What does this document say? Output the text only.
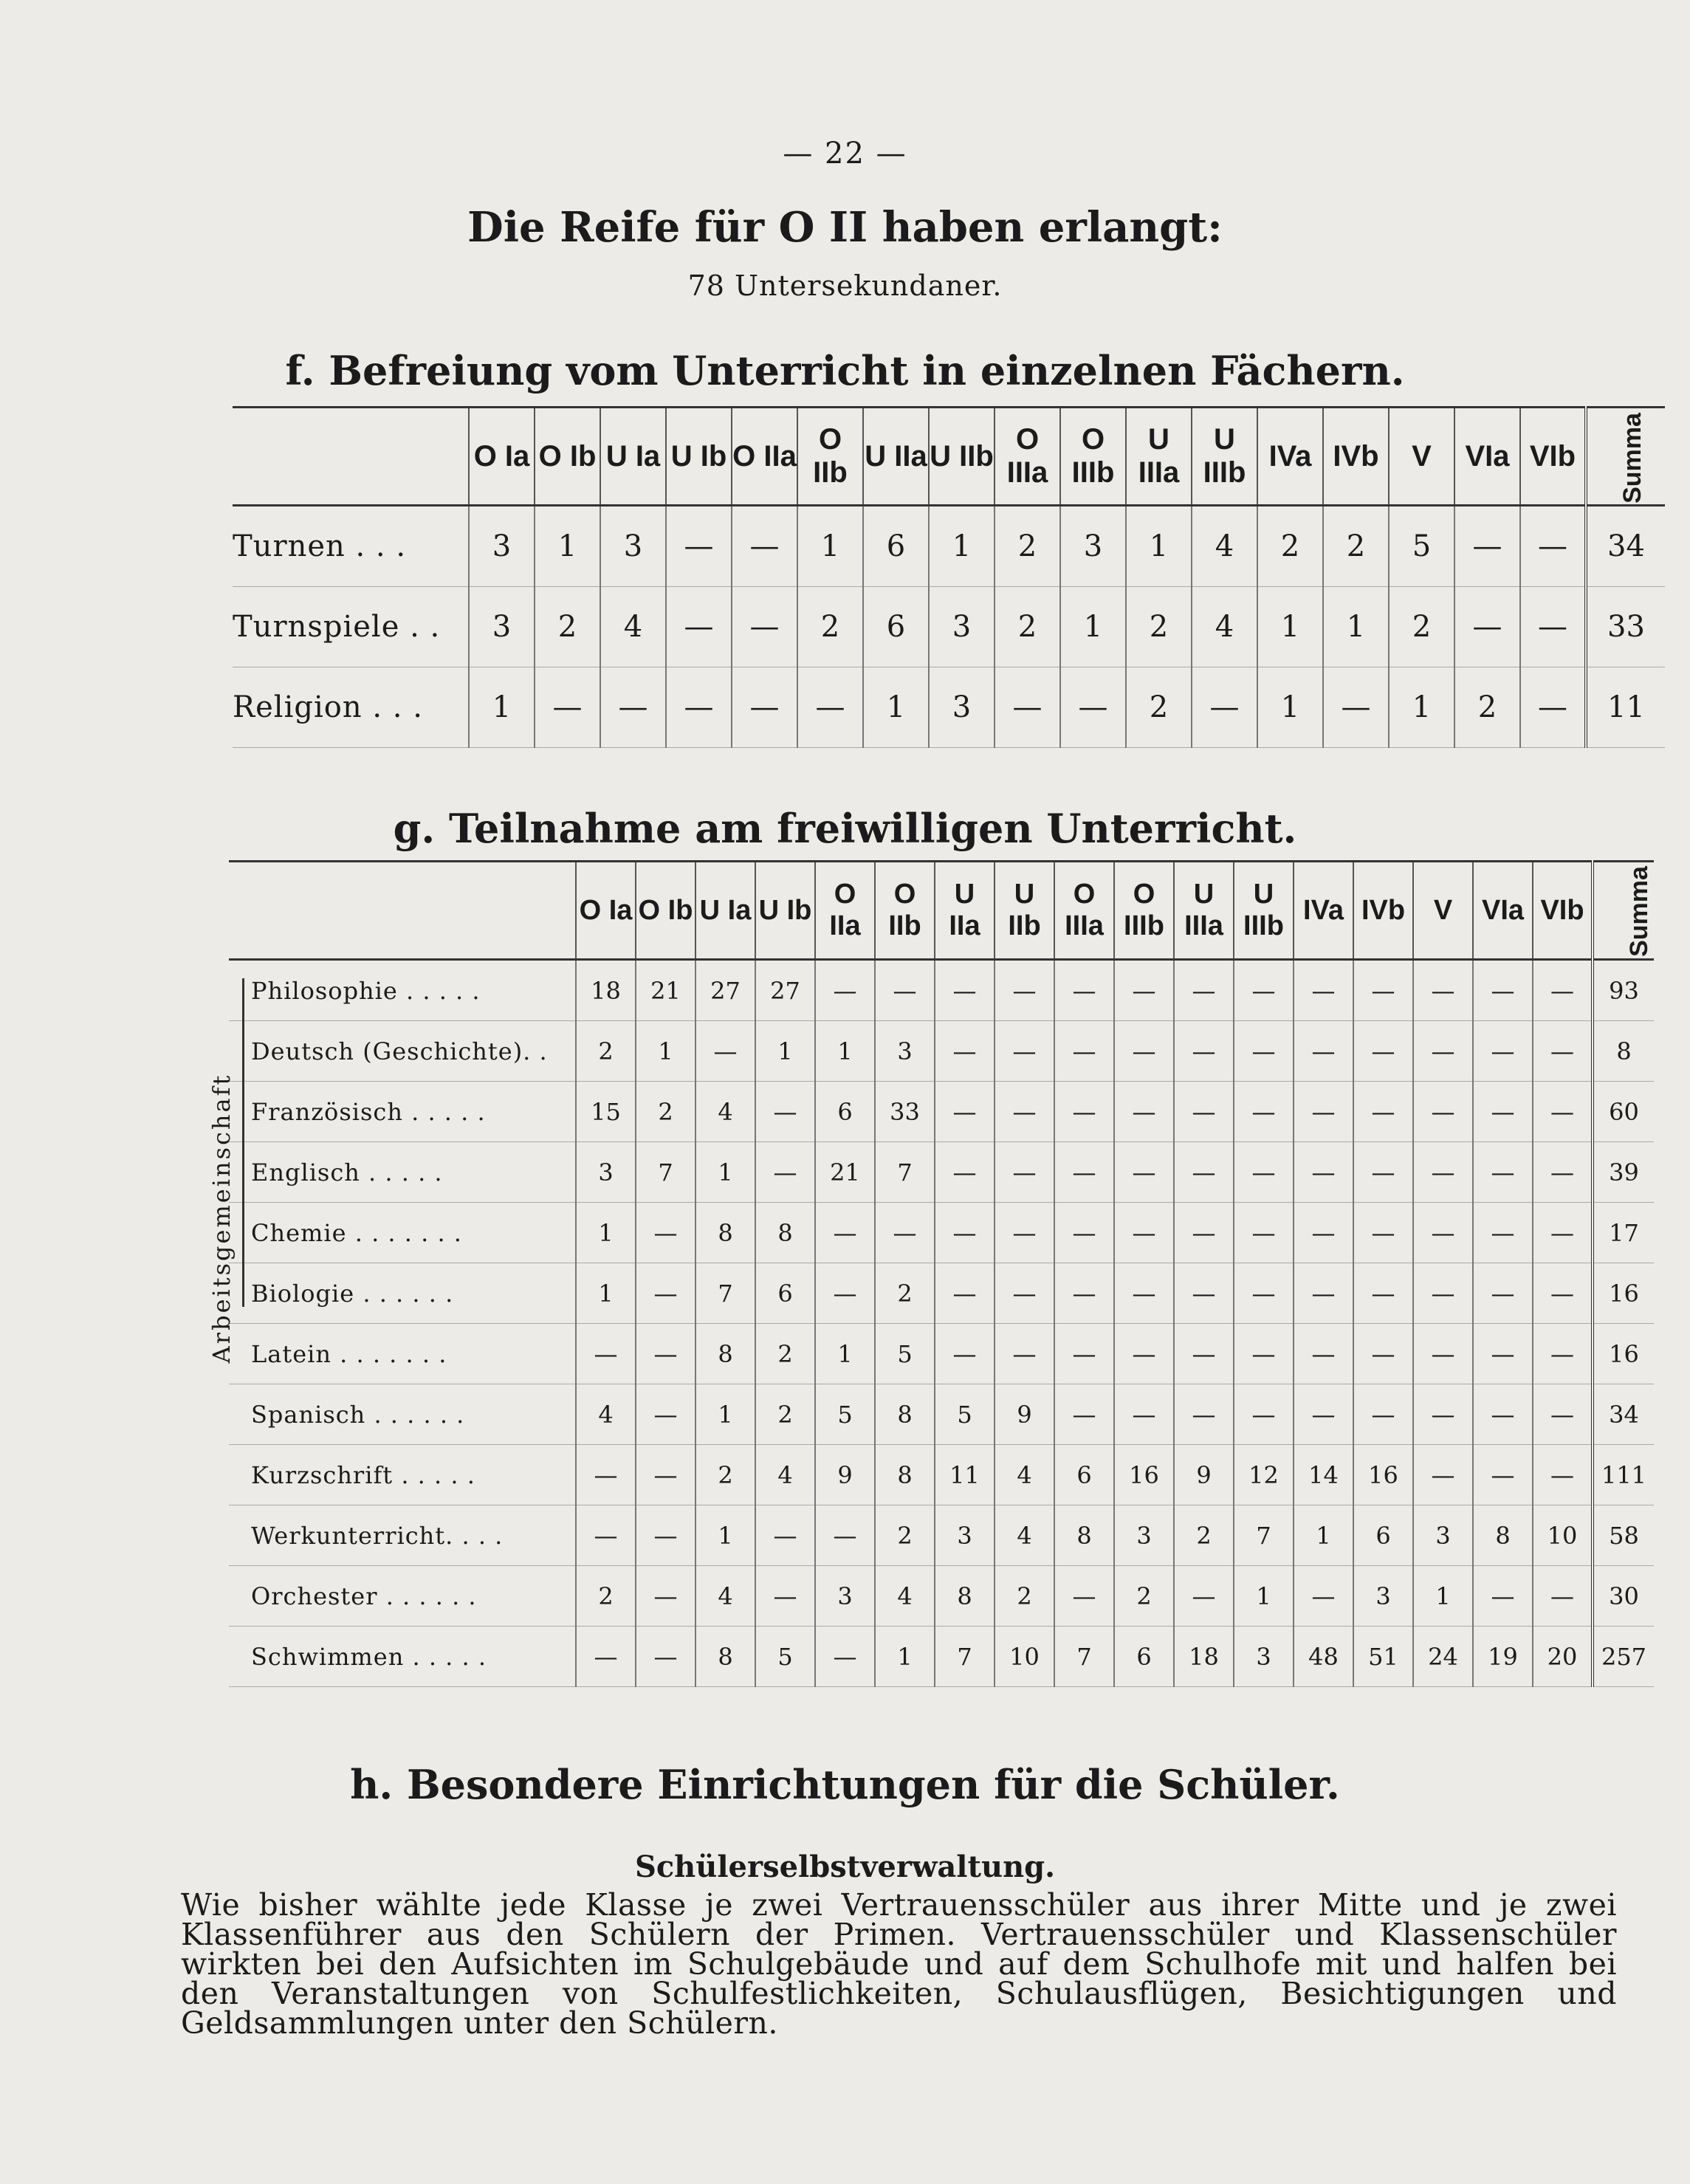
— 22 —
Die Reife für O II haben erlangt:
78 Untersekundaner.
f. Befreiung vom Unterricht in einzelnen Fächern.
	O Ia	O Ib	U Ia	U Ib	O IIa	O IIb	U IIa	U IIb	O IIIa	O IIIb	U IIIa	U IIIb	IVa	IVb	V	VIa	VIb	Summa
Turnen . . .	3	1	3	—	—	1	6	1	2	3	1	4	2	2	5	—	—	34
Turnspiele . .	3	2	4	—	—	2	6	3	2	1	2	4	1	1	2	—	—	33
Religion . . .	1	—	—	—	—	—	1	3	—	—	2	—	1	—	1	2	—	11
g. Teilnahme am freiwilligen Unterricht.
	O Ia	O Ib	U Ia	U Ib	O IIa	O IIb	U IIa	U IIb	O IIIa	O IIIb	U IIIa	U IIIb	IVa	IVb	V	VIa	VIb	Summa
Philosophie . . . . .	18	21	27	27	—	—	—	—	—	—	—	—	—	—	—	—	—	93
Deutsch (Geschichte). .	2	1	—	1	1	3	—	—	—	—	—	—	—	—	—	—	—	8
Französisch . . . . .	15	2	4	—	6	33	—	—	—	—	—	—	—	—	—	—	—	60
Englisch . . . . .	3	7	1	—	21	7	—	—	—	—	—	—	—	—	—	—	—	39
Chemie . . . . . . .	1	—	8	8	—	—	—	—	—	—	—	—	—	—	—	—	—	17
Biologie . . . . . .	1	—	7	6	—	2	—	—	—	—	—	—	—	—	—	—	—	16
Latein . . . . . . .	—	—	8	2	1	5	—	—	—	—	—	—	—	—	—	—	—	16
Spanisch . . . . . .	4	—	1	2	5	8	5	9	—	—	—	—	—	—	—	—	—	34
Kurzschrift . . . . .	—	—	2	4	9	8	11	4	6	16	9	12	14	16	—	—	—	111
Werkunterricht. . . .	—	—	1	—	—	2	3	4	8	3	2	7	1	6	3	8	10	58
Orchester . . . . . .	2	—	4	—	3	4	8	2	—	2	—	1	—	3	1	—	—	30
Schwimmen . . . . .	—	—	8	5	—	1	7	10	7	6	18	3	48	51	24	19	20	257
Arbeitsgemeinschaft
h. Besondere Einrichtungen für die Schüler.
Schülerselbstverwaltung.
Wie bisher wählte jede Klasse je zwei Vertrauensschüler aus ihrer Mitte und je zwei Klassenführer aus den Schülern der Primen. Vertrauensschüler und Klassenschüler wirkten bei den Aufsichten im Schulgebäude und auf dem Schulhofe mit und halfen bei den Veranstaltungen von Schulfestlichkeiten, Schulausflügen, Besichtigungen und Geldsammlungen unter den Schülern.
